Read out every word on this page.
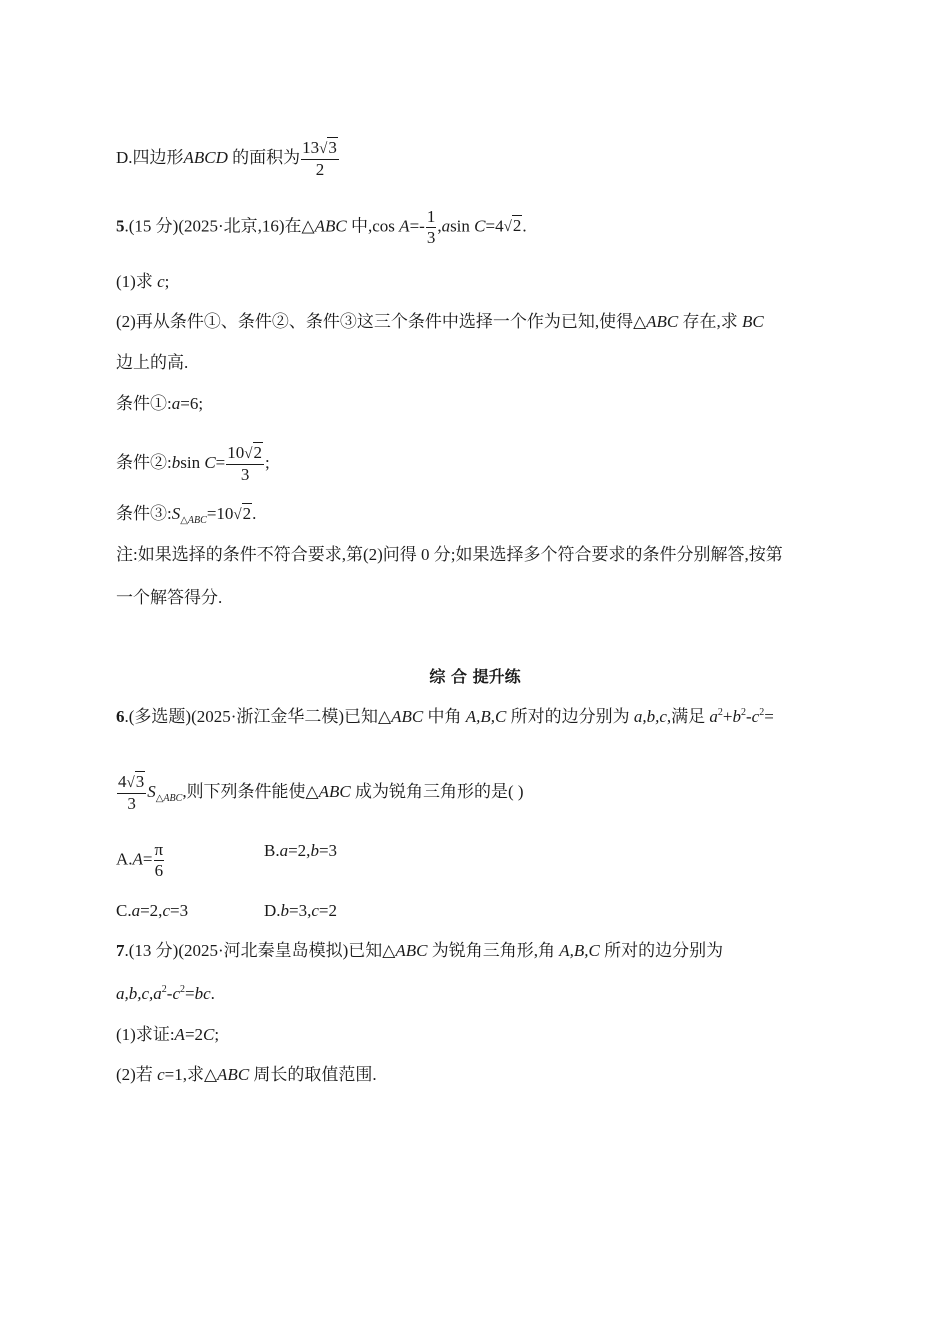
D.四边形ABCD 的面积为 $\frac{13√3}{2}$
5.(15 分)(2025·北京,16)在△ABC 中,cos $A=- \frac{1}{3} ,asin$ C=4√2.
(1)求 c;
(2)再从条件①、条件②、条件③这三个条件中选择一个作为已知,使得△ABC 存在,求 BC
边上的高.
条件①:a=6;
条件②:bsin $C= \frac{10√2}{3}$ ;
条件$③:S_{\triangle ABC}=10√2$.
注:如果选择的条件不符合要求,第(2)问得 0 分;如果选择多个符合要求的条件分别解答,按第
一个解答得分.
综 合 提升练
6.(多选题)(2025·浙江金华二模)已知△ABC 中角 A,B,C 所对的边分别为 a,b,c,满足 $a^2+b^2-c^2=$
$\frac{4√3}{3} S_{\triangle ABC}$,则下列条件能使△ABC 成为锐角三角形的是( )
$A.A= \frac{\pi}{6}$	B.a=2,b=3
C.a=2,c=3	D.b=3,c=2
7.(13 分)(2025·河北秦皇岛模拟)已知△ABC 为锐角三角形,角 A,B,C 所对的边分别为
$a,b,c,a^2-c^2=bc$.
(1)求证:A=2C;
(2)若 c=1,求△ABC 周长的取值范围.
